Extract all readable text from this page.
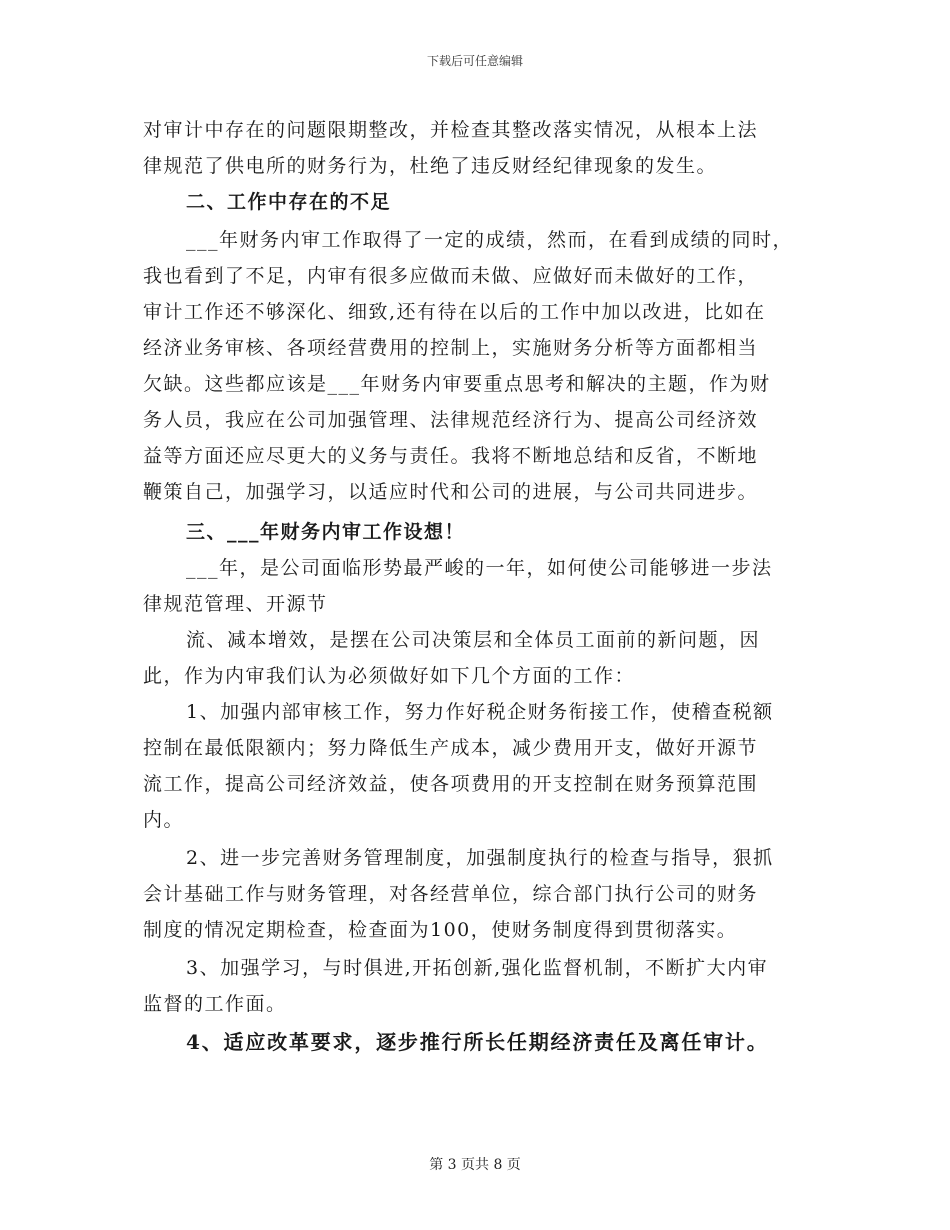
下载后可任意编辑
对审计中存在的问题限期整改，并检查其整改落实情况，从根本上法
律规范了供电所的财务行为，杜绝了违反财经纪律现象的发生。
二、工作中存在的不足
___年财务内审工作取得了一定的成绩，然而，在看到成绩的同时，
我也看到了不足，内审有很多应做而未做、应做好而未做好的工作，
审计工作还不够深化、细致,还有待在以后的工作中加以改进，比如在
经济业务审核、各项经营费用的控制上，实施财务分析等方面都相当
欠缺。这些都应该是___年财务内审要重点思考和解决的主题，作为财
务人员，我应在公司加强管理、法律规范经济行为、提高公司经济效
益等方面还应尽更大的义务与责任。我将不断地总结和反省，不断地
鞭策自己，加强学习，以适应时代和公司的进展，与公司共同进步。
三、___年财务内审工作设想！
___年，是公司面临形势最严峻的一年，如何使公司能够进一步法
律规范管理、开源节
流、减本增效，是摆在公司决策层和全体员工面前的新问题，因
此，作为内审我们认为必须做好如下几个方面的工作：
1、加强内部审核工作，努力作好税企财务衔接工作，使稽查税额
控制在最低限额内；努力降低生产成本，减少费用开支，做好开源节
流工作，提高公司经济效益，使各项费用的开支控制在财务预算范围
内。
2、进一步完善财务管理制度，加强制度执行的检查与指导，狠抓
会计基础工作与财务管理，对各经营单位，综合部门执行公司的财务
制度的情况定期检查，检查面为100，使财务制度得到贯彻落实。
3、加强学习，与时俱进,开拓创新,强化监督机制，不断扩大内审
监督的工作面。
4、适应改革要求，逐步推行所长任期经济责任及离任审计。
第 3 页共 8 页
